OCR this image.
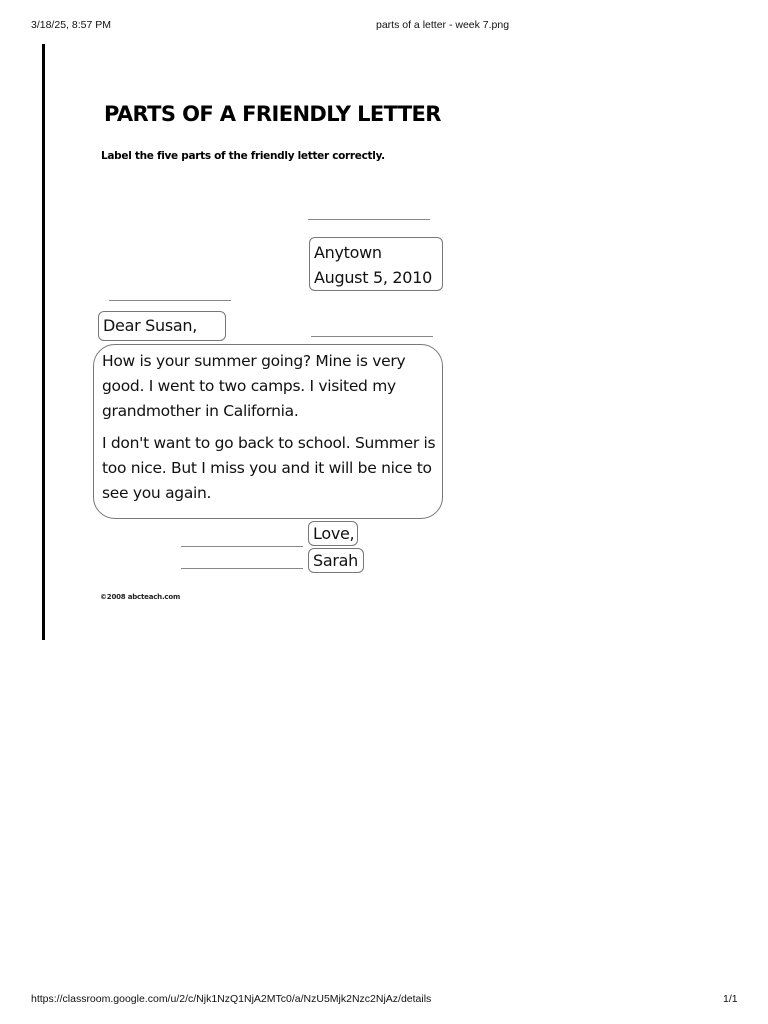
3/18/25, 8:57 PM	parts of a letter - week 7.png
PARTS OF A FRIENDLY LETTER
Label the five parts of the friendly letter correctly.
Anytown
August 5, 2010
Dear Susan,

How is your summer going? Mine is very good. I went to two camps. I visited my grandmother in California.

I don't want to go back to school. Summer is too nice. But I miss you and it will be nice to see you again.

Love,
Sarah
©2008 abcteach.com
https://classroom.google.com/u/2/c/Njk1NzQ1NjA2MTc0/a/NzU5Mjk2Nzc2NjAz/details	1/1
